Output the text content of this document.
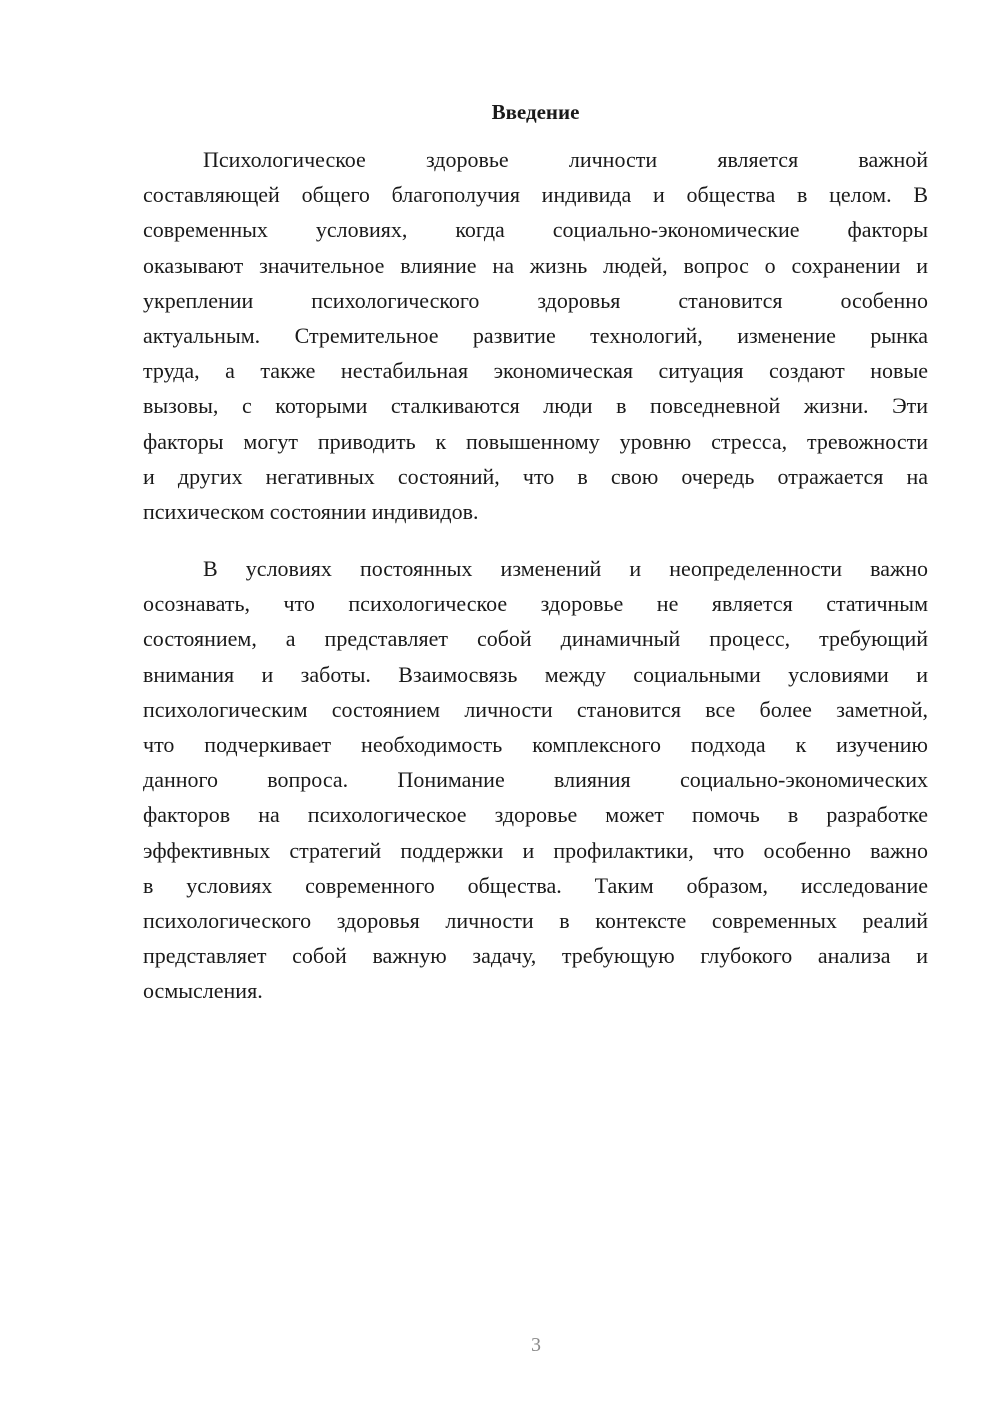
Введение
Психологическое здоровье личности является важной
составляющей общего благополучия индивида и общества в целом. В
современных условиях, когда социально-экономические факторы
оказывают значительное влияние на жизнь людей, вопрос о сохранении и
укреплении психологического здоровья становится особенно
актуальным. Стремительное развитие технологий, изменение рынка
труда, а также нестабильная экономическая ситуация создают новые
вызовы, с которыми сталкиваются люди в повседневной жизни. Эти
факторы могут приводить к повышенному уровню стресса, тревожности
и других негативных состояний, что в свою очередь отражается на
психическом состоянии индивидов.
В условиях постоянных изменений и неопределенности важно
осознавать, что психологическое здоровье не является статичным
состоянием, а представляет собой динамичный процесс, требующий
внимания и заботы. Взаимосвязь между социальными условиями и
психологическим состоянием личности становится все более заметной,
что подчеркивает необходимость комплексного подхода к изучению
данного вопроса. Понимание влияния социально-экономических
факторов на психологическое здоровье может помочь в разработке
эффективных стратегий поддержки и профилактики, что особенно важно
в условиях современного общества. Таким образом, исследование
психологического здоровья личности в контексте современных реалий
представляет собой важную задачу, требующую глубокого анализа и
осмысления.
3
